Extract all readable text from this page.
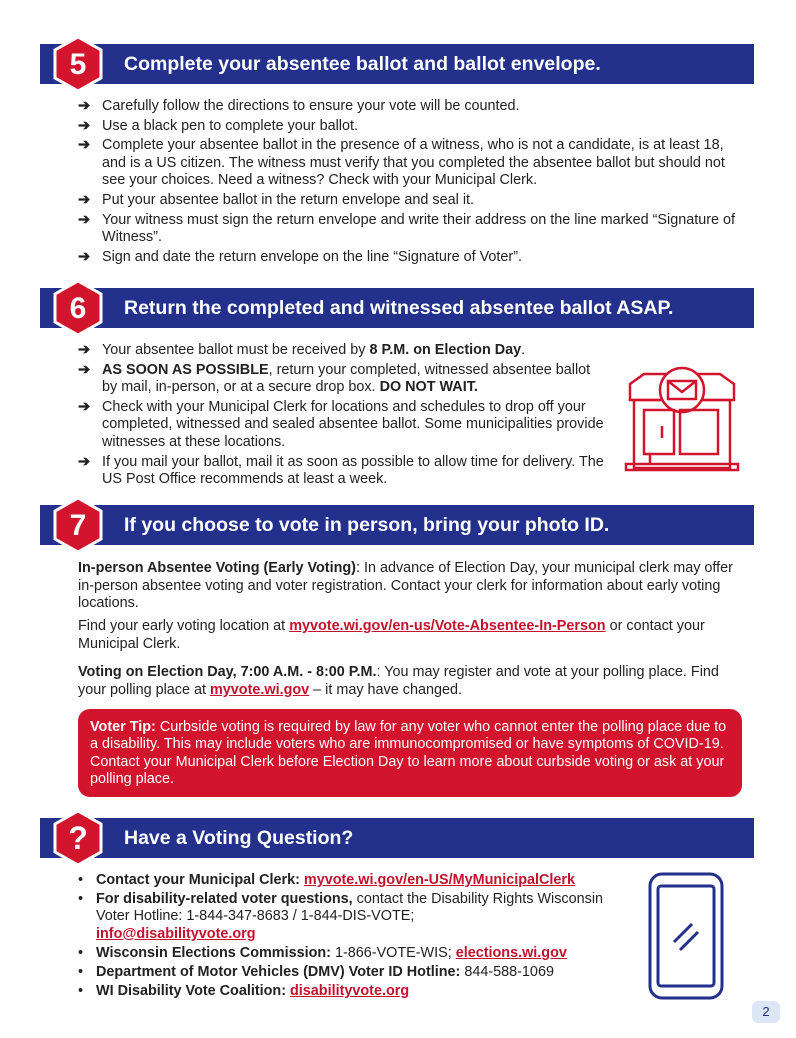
Complete your absentee ballot and ballot envelope.
5
➔ Carefully follow the directions to ensure your vote will be counted.
➔ Use a black pen to complete your ballot.
➔ Complete your absentee ballot in the presence of a witness, who is not a candidate, is at least 18, and is a US citizen. The witness must verify that you completed the absentee ballot but should not see your choices. Need a witness? Check with your Municipal Clerk.
➔ Put your absentee ballot in the return envelope and seal it.
➔ Your witness must sign the return envelope and write their address on the line marked “Signature of Witness”.
➔ Sign and date the return envelope on the line “Signature of Voter”.
Return the completed and witnessed absentee ballot ASAP.
6
➔ Your absentee ballot must be received by 8 P.M. on Election Day.
➔ AS SOON AS POSSIBLE, return your completed, witnessed absentee ballot by mail, in-person, or at a secure drop box. DO NOT WAIT.
➔ Check with your Municipal Clerk for locations and schedules to drop off your completed, witnessed and sealed absentee ballot. Some municipalities provide witnesses at these locations.
➔ If you mail your ballot, mail it as soon as possible to allow time for delivery. The US Post Office recommends at least a week.
If you choose to vote in person, bring your photo ID.
7

In-person Absentee Voting (Early Voting): In advance of Election Day, your municipal clerk may offer in-person absentee voting and voter registration. Contact your clerk for information about early voting locations.

Find your early voting location at myvote.wi.gov/en-us/Vote-Absentee-In-Person or contact your Municipal Clerk.

Voting on Election Day, 7:00 A.M. - 8:00 P.M.: You may register and vote at your polling place. Find your polling place at myvote.wi.gov – it may have changed.

Voter Tip: Curbside voting is required by law for any voter who cannot enter the polling place due to a disability. This may include voters who are immunocompromised or have symptoms of COVID-19. Contact your Municipal Clerk before Election Day to learn more about curbside voting or ask at your polling place.
Have a Voting Question?
?
• Contact your Municipal Clerk: myvote.wi.gov/en-US/MyMunicipalClerk
• For disability-related voter questions, contact the Disability Rights Wisconsin Voter Hotline: 1-844-347-8683 / 1-844-DIS-VOTE;
info@disabilityvote.org
• Wisconsin Elections Commission: 1-866-VOTE-WIS; elections.wi.gov
• Department of Motor Vehicles (DMV) Voter ID Hotline: 844-588-1069
• WI Disability Vote Coalition: disabilityvote.org
2
